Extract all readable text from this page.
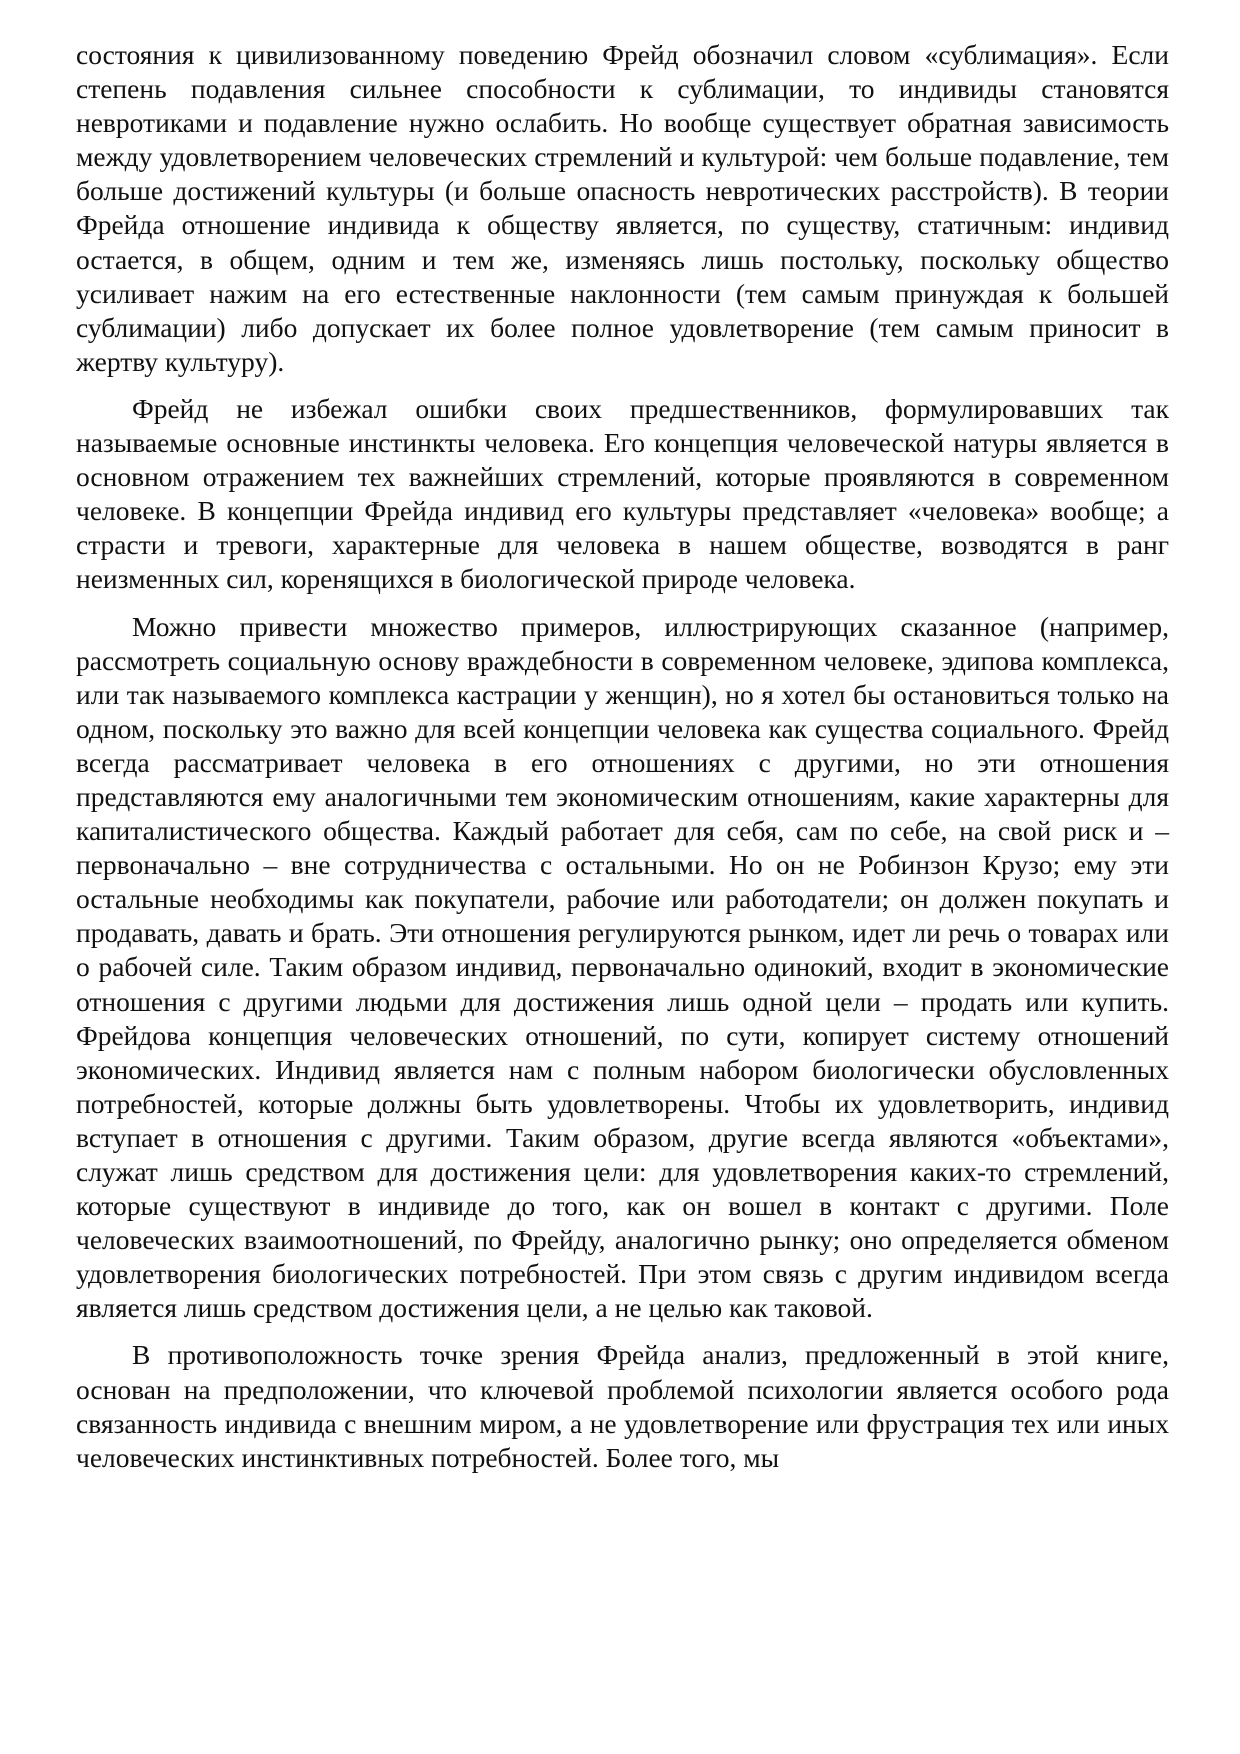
состояния к цивилизованному поведению Фрейд обозначил словом «сублимация». Если степень подавления сильнее способности к сублимации, то индивиды становятся невротиками и подавление нужно ослабить. Но вообще существует обратная зависимость между удовлетворением человеческих стремлений и культурой: чем больше подавление, тем больше достижений культуры (и больше опасность невротических расстройств). В теории Фрейда отношение индивида к обществу является, по существу, статичным: индивид остается, в общем, одним и тем же, изменяясь лишь постольку, поскольку общество усиливает нажим на его естественные наклонности (тем самым принуждая к большей сублимации) либо допускает их более полное удовлетворение (тем самым приносит в жертву культуру).

Фрейд не избежал ошибки своих предшественников, формулировавших так называемые основные инстинкты человека. Его концепция человеческой натуры является в основном отражением тех важнейших стремлений, которые проявляются в современном человеке. В концепции Фрейда индивид его культуры представляет «человека» вообще; а страсти и тревоги, характерные для человека в нашем обществе, возводятся в ранг неизменных сил, коренящихся в биологической природе человека.

Можно привести множество примеров, иллюстрирующих сказанное (например, рассмотреть социальную основу враждебности в современном человеке, эдипова комплекса, или так называемого комплекса кастрации у женщин), но я хотел бы остановиться только на одном, поскольку это важно для всей концепции человека как существа социального. Фрейд всегда рассматривает человека в его отношениях с другими, но эти отношения представляются ему аналогичными тем экономическим отношениям, какие характерны для капиталистического общества. Каждый работает для себя, сам по себе, на свой риск и – первоначально – вне сотрудничества с остальными. Но он не Робинзон Крузо; ему эти остальные необходимы как покупатели, рабочие или работодатели; он должен покупать и продавать, давать и брать. Эти отношения регулируются рынком, идет ли речь о товарах или о рабочей силе. Таким образом индивид, первоначально одинокий, входит в экономические отношения с другими людьми для достижения лишь одной цели – продать или купить. Фрейдова концепция человеческих отношений, по сути, копирует систему отношений экономических. Индивид является нам с полным набором биологически обусловленных потребностей, которые должны быть удовлетворены. Чтобы их удовлетворить, индивид вступает в отношения с другими. Таким образом, другие всегда являются «объектами», служат лишь средством для достижения цели: для удовлетворения каких-то стремлений, которые существуют в индивиде до того, как он вошел в контакт с другими. Поле человеческих взаимоотношений, по Фрейду, аналогично рынку; оно определяется обменом удовлетворения биологических потребностей. При этом связь с другим индивидом всегда является лишь средством достижения цели, а не целью как таковой.

В противоположность точке зрения Фрейда анализ, предложенный в этой книге, основан на предположении, что ключевой проблемой психологии является особого рода связанность индивида с внешним миром, а не удовлетворение или фрустрация тех или иных человеческих инстинктивных потребностей. Более того, мы
